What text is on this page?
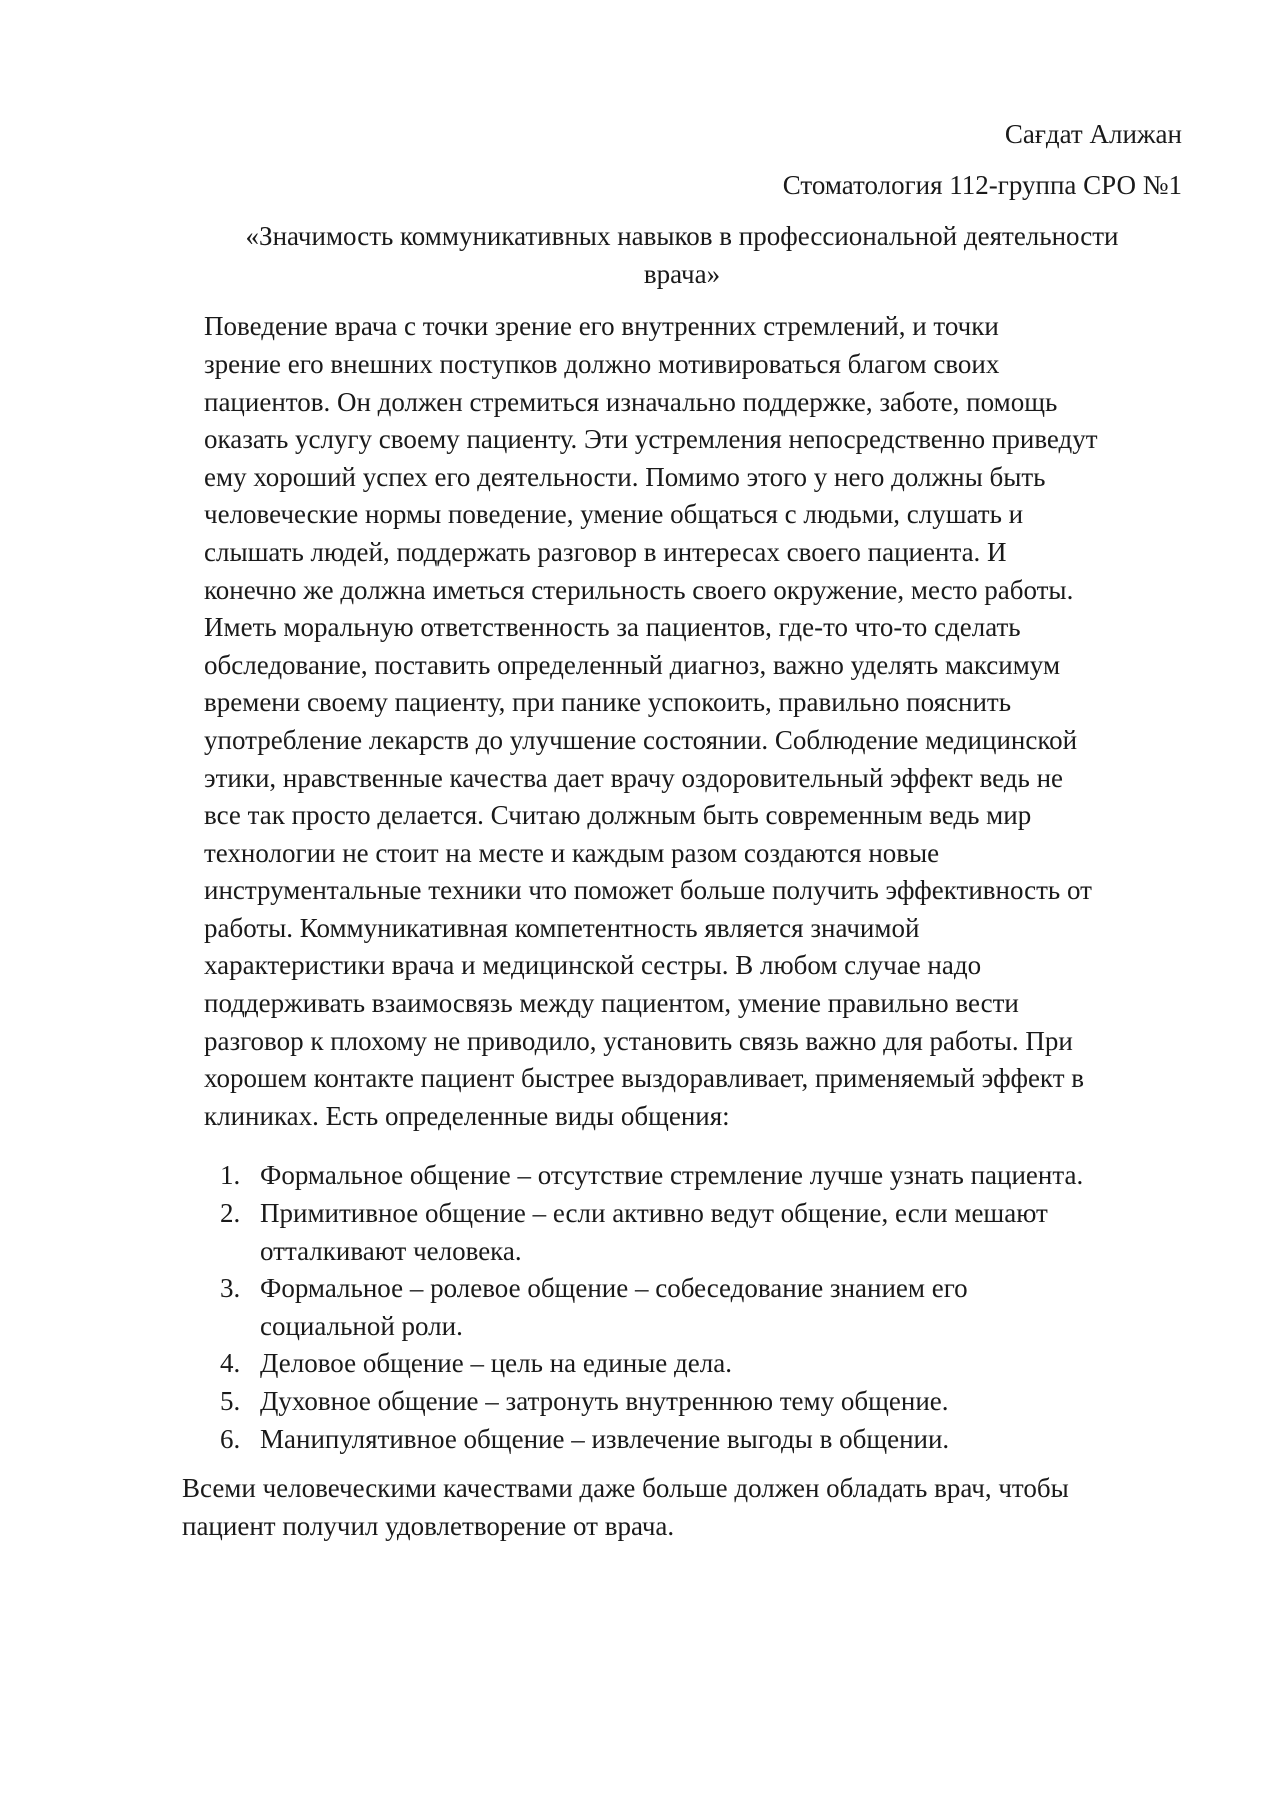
Сағдат Алижан

Стоматология 112-группа СРО №1

«Значимость коммуникативных навыков в профессиональной деятельности
врача»
Поведение врача с точки зрение его внутренних стремлений, и точки
зрение его внешних поступков должно мотивироваться благом своих
пациентов. Он должен стремиться изначально поддержке, заботе, помощь
оказать услугу своему пациенту. Эти устремления непосредственно приведут
ему хороший успех его деятельности. Помимо этого у него должны быть
человеческие нормы поведение, умение общаться с людьми, слушать и
слышать людей, поддержать разговор в интересах своего пациента. И
конечно же должна иметься стерильность своего окружение, место работы.
Иметь моральную ответственность за пациентов, где-то что-то сделать
обследование, поставить определенный диагноз, важно уделять максимум
времени своему пациенту, при панике успокоить, правильно пояснить
употребление лекарств до улучшение состоянии. Соблюдение медицинской
этики, нравственные качества дает врачу оздоровительный эффект ведь не
все так просто делается. Считаю должным быть современным ведь мир
технологии не стоит на месте и каждым разом создаются новые
инструментальные техники что поможет больше получить эффективность от
работы. Коммуникативная компетентность является значимой
характеристики врача и медицинской сестры. В любом случае надо
поддерживать взаимосвязь между пациентом, умение правильно вести
разговор к плохому не приводило, установить связь важно для работы. При
хорошем контакте пациент быстрее выздоравливает, применяемый эффект в
клиниках. Есть определенные виды общения:
1. Формальное общение – отсутствие стремление лучше узнать пациента.
2. Примитивное общение – если активно ведут общение, если мешают
отталкивают человека.
3. Формальное – ролевое общение – собеседование знанием его
социальной роли.
4. Деловое общение – цель на единые дела.
5. Духовное общение – затронуть внутреннюю тему общение.
6. Манипулятивное общение – извлечение выгоды в общении.
Всеми человеческими качествами даже больше должен обладать врач, чтобы
пациент получил удовлетворение от врача.
